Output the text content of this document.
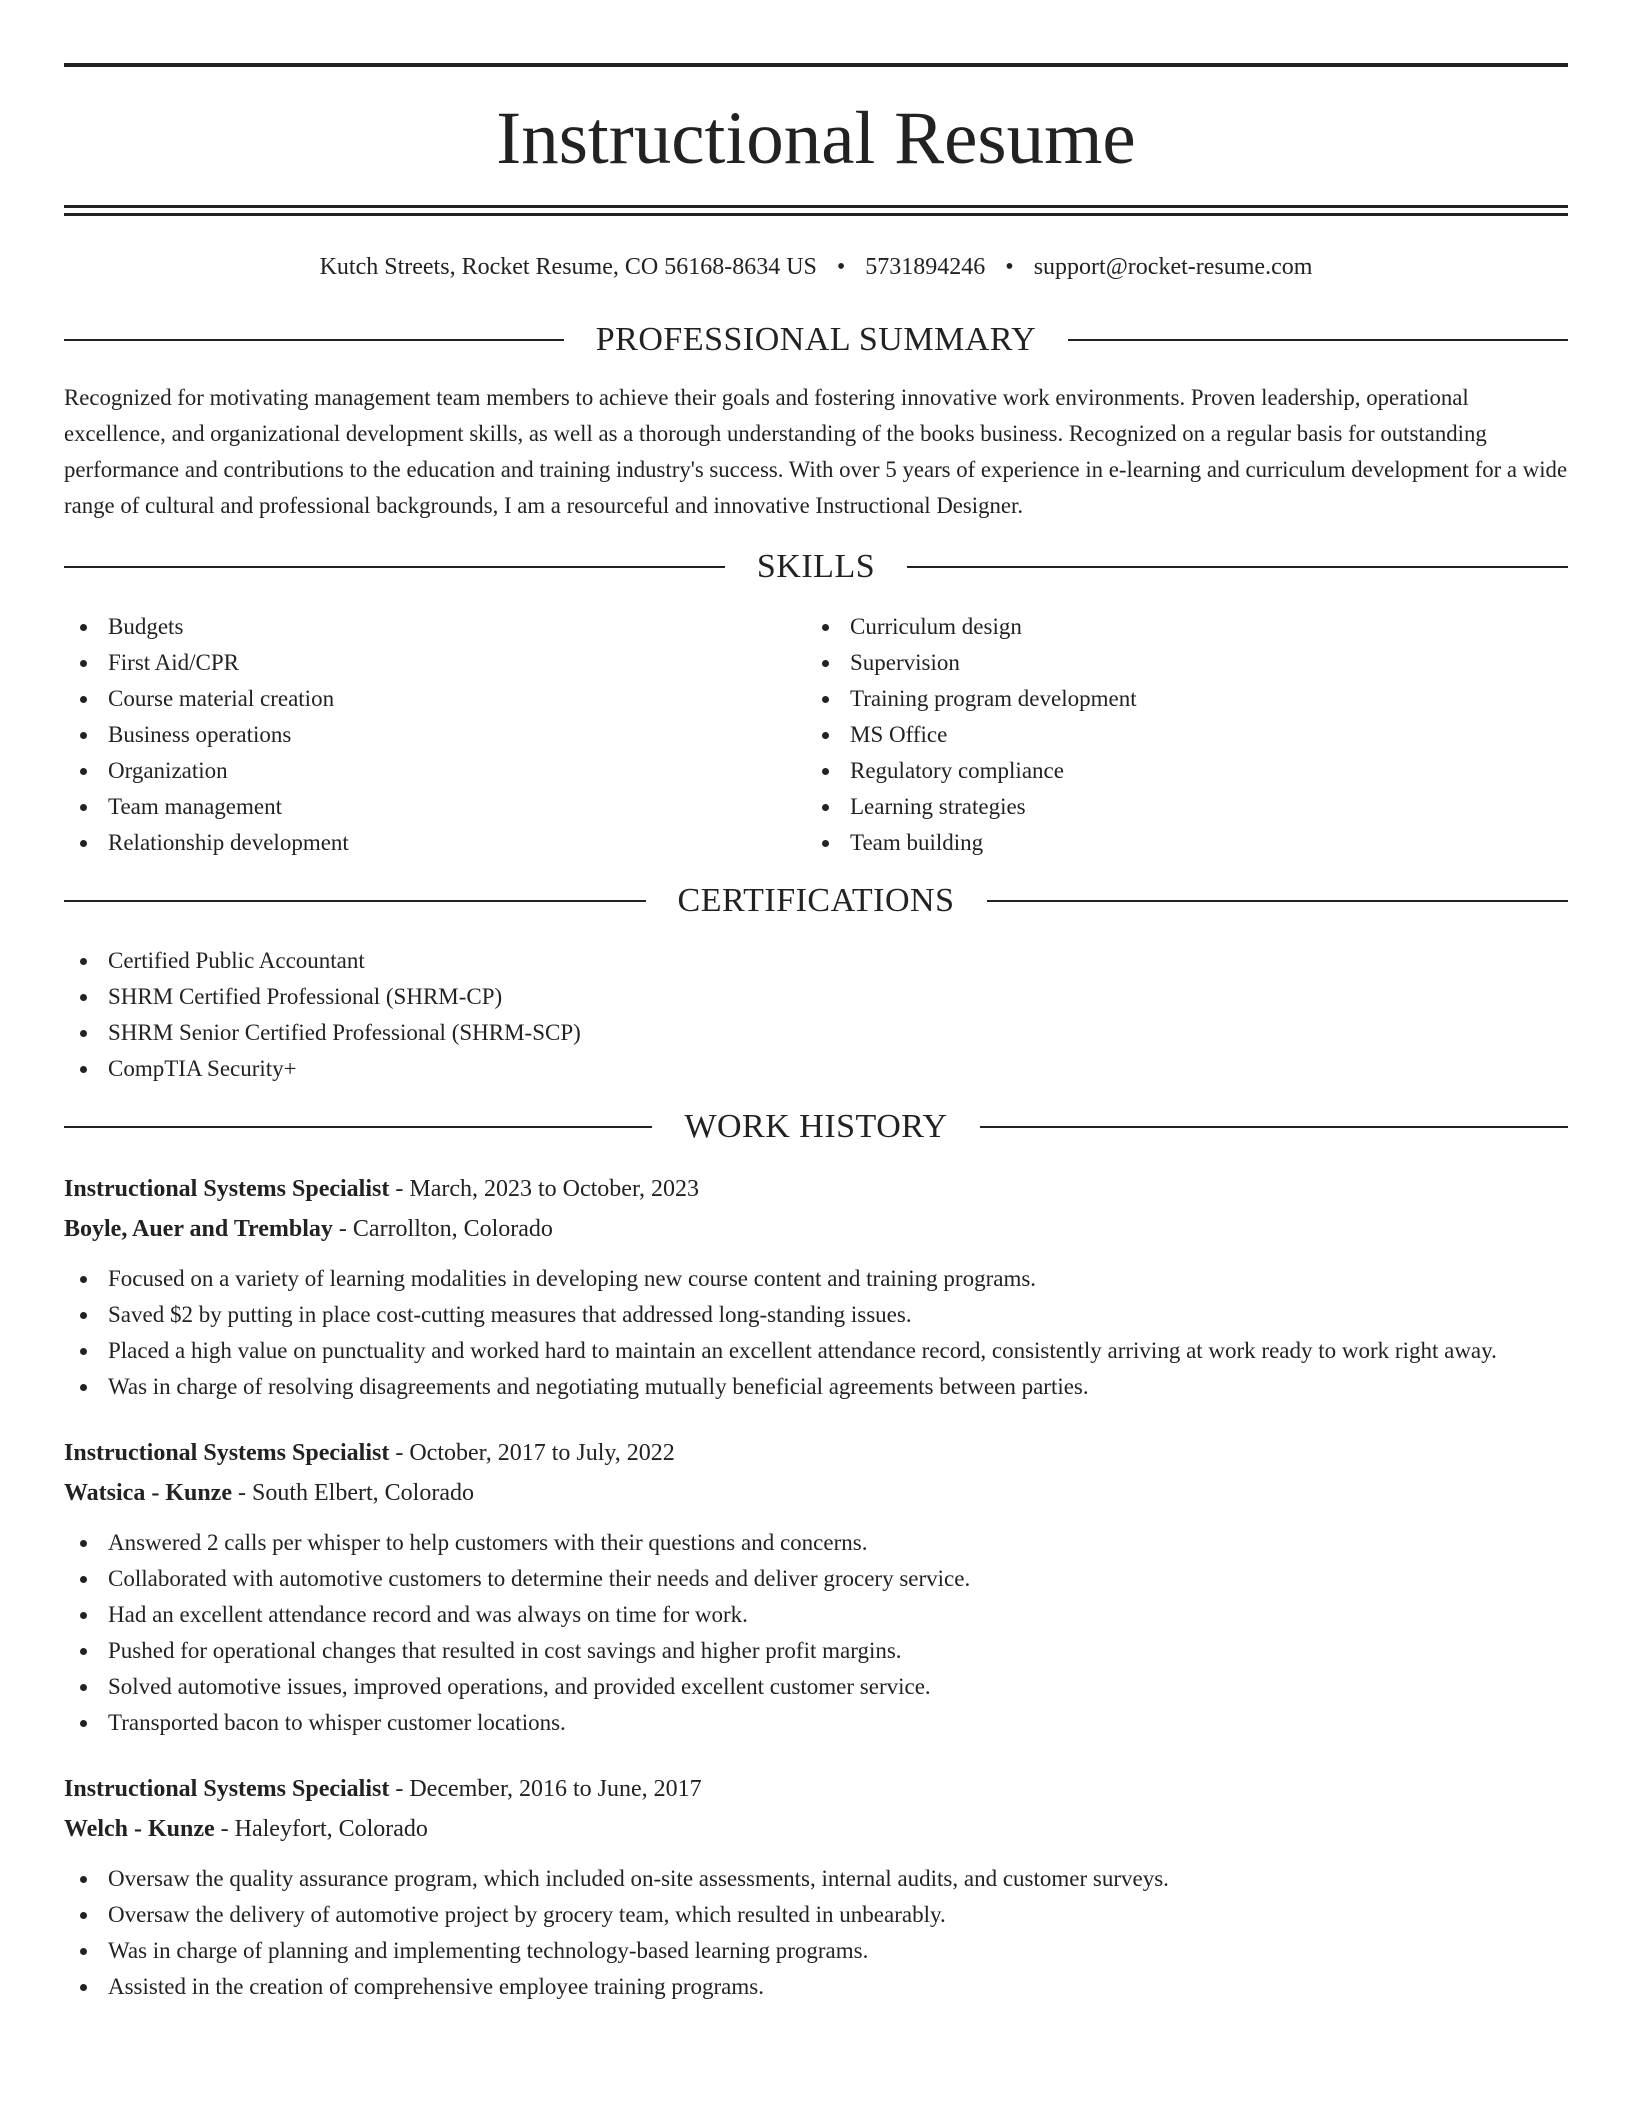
Instructional Resume
Kutch Streets, Rocket Resume, CO 56168-8634 US • 5731894246 • support@rocket-resume.com
PROFESSIONAL SUMMARY

Recognized for motivating management team members to achieve their goals and fostering innovative work environments. Proven leadership, operational excellence, and organizational development skills, as well as a thorough understanding of the books business. Recognized on a regular basis for outstanding performance and contributions to the education and training industry's success. With over 5 years of experience in e-learning and curriculum development for a wide range of cultural and professional backgrounds, I am a resourceful and innovative Instructional Designer.

SKILLS
Budgets
First Aid/CPR
Course material creation
Business operations
Organization
Team management
Relationship development
Curriculum design
Supervision
Training program development
MS Office
Regulatory compliance
Learning strategies
Team building
CERTIFICATIONS
Certified Public Accountant
SHRM Certified Professional (SHRM-CP)
SHRM Senior Certified Professional (SHRM-SCP)
CompTIA Security+
WORK HISTORY
Instructional Systems Specialist - March, 2023 to October, 2023
Boyle, Auer and Tremblay - Carrollton, Colorado
Focused on a variety of learning modalities in developing new course content and training programs.
Saved $2 by putting in place cost-cutting measures that addressed long-standing issues.
Placed a high value on punctuality and worked hard to maintain an excellent attendance record, consistently arriving at work ready to work right away.
Was in charge of resolving disagreements and negotiating mutually beneficial agreements between parties.
Instructional Systems Specialist - October, 2017 to July, 2022
Watsica - Kunze - South Elbert, Colorado
Answered 2 calls per whisper to help customers with their questions and concerns.
Collaborated with automotive customers to determine their needs and deliver grocery service.
Had an excellent attendance record and was always on time for work.
Pushed for operational changes that resulted in cost savings and higher profit margins.
Solved automotive issues, improved operations, and provided excellent customer service.
Transported bacon to whisper customer locations.
Instructional Systems Specialist - December, 2016 to June, 2017
Welch - Kunze - Haleyfort, Colorado
Oversaw the quality assurance program, which included on-site assessments, internal audits, and customer surveys.
Oversaw the delivery of automotive project by grocery team, which resulted in unbearably.
Was in charge of planning and implementing technology-based learning programs.
Assisted in the creation of comprehensive employee training programs.
